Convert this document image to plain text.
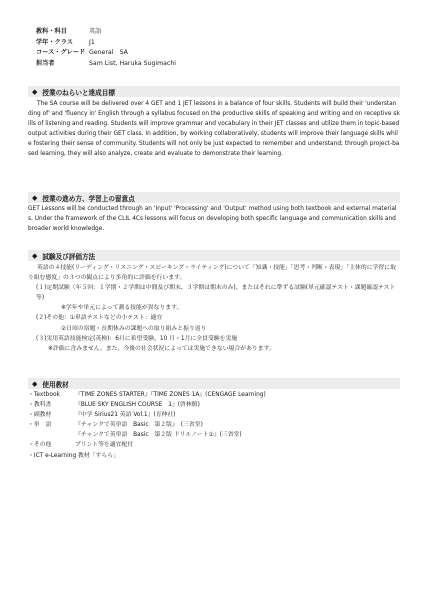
教科・科目	英語
学年・クラス	J1
コース・グレード General　SA
担当者	Sam List, Haruka Sugimachi
◆ 授業のねらいと達成目標
The SA course will be delivered over 4 GET and 1 JET lessons in a balance of four skills. Students will build their 'understanding of' and 'fluency in' English through a syllabus focused on the productive skills of speaking and writing and on receptive skills of listening and reading. Students will improve grammar and vocabulary in their JET classes and utilize them in topic-based output activities during their GET class. In addition, by working collaboratively, students will improve their language skills while fostering their sense of community. Students will not only be just expected to remember and understand; through project-based learning, they will also analyze, create and evaluate to demonstrate their learning.
◆ 授業の進め方、学習上の留意点
GET Lessons will be conducted through an 'Input' 'Processing' and 'Output' method using both textbook and external materials. Under the framework of the CLIL 4Cs lessons will focus on developing both specific language and communication skills and broader world knowledge.
◆ 試験及び評価方法
英語の４技能(リーディング・リスニング・スピーキング・ライティング)について「知識・技能」「思考・判断・表現」「主体的に学習に取り組む態度」の３つの観点により多角的に評価を行います。
(１)定期試験（年５回：１学期・２学期は中間及び期末、３学期は期末のみ)、またはそれに準ずる試験(単元確認テスト・課題確認テスト等)
※学年や単元によって測る技能が異なります。
(２)その他：①単語テストなどの小テスト：適宜
②日頃の宿題・長期休みの課題への取り組みと振り返り
(３)実用英語技能検定(英検)：6月に希望受験、10 月・1月に全員受験を実施
※評価に含みません。また、今後の社会状況によっては実施できない場合があります。
◆ 使用教材
・Textbook	『TIME ZONES STARTER』『TIME ZONES 1A』(CENGAGE Learning)
・教科書	『BLUE SKY ENGLISH COURSE　1』(啓林館)
・副教材	『中学 Sirius21 英語 Vol.1』(育伸社)
・単　語	『チャンクで英単語　Basic　第２版』　(三省堂)
『チャンクで英単語　Basic　第２版 ドリルノート①』(三省堂)
・その他	プリント等を適宜配付
・ICT e-Learning 教材「すらら」
